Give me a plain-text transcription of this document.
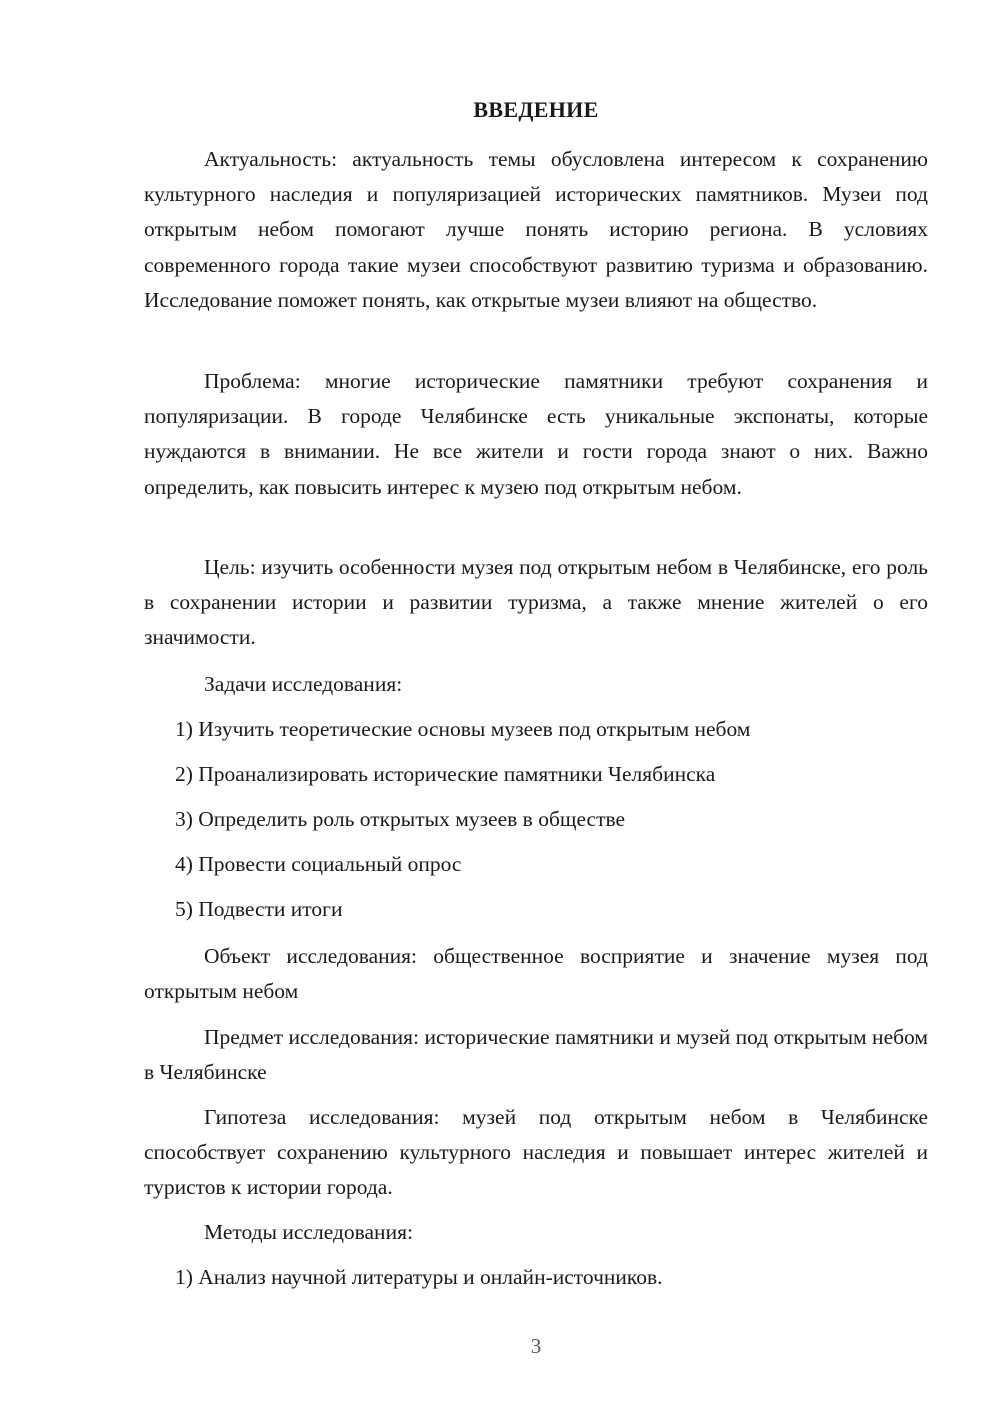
ВВЕДЕНИЕ

Актуальность: актуальность темы обусловлена интересом к сохранению культурного наследия и популяризацией исторических памятников. Музеи под открытым небом помогают лучше понять историю региона. В условиях современного города такие музеи способствуют развитию туризма и образованию. Исследование поможет понять, как открытые музеи влияют на общество.

Проблема: многие исторические памятники требуют сохранения и популяризации. В городе Челябинске есть уникальные экспонаты, которые нуждаются в внимании. Не все жители и гости города знают о них. Важно определить, как повысить интерес к музею под открытым небом.

Цель: изучить особенности музея под открытым небом в Челябинске, его роль в сохранении истории и развитии туризма, а также мнение жителей о его значимости.

Задачи исследования:
1) Изучить теоретические основы музеев под открытым небом
2) Проанализировать исторические памятники Челябинска
3) Определить роль открытых музеев в обществе
4) Провести социальный опрос
5) Подвести итоги

Объект исследования: общественное восприятие и значение музея под открытым небом

Предмет исследования: исторические памятники и музей под открытым небом в Челябинске

Гипотеза исследования: музей под открытым небом в Челябинске способствует сохранению культурного наследия и повышает интерес жителей и туристов к истории города.

Методы исследования:
1) Анализ научной литературы и онлайн-источников.
3
